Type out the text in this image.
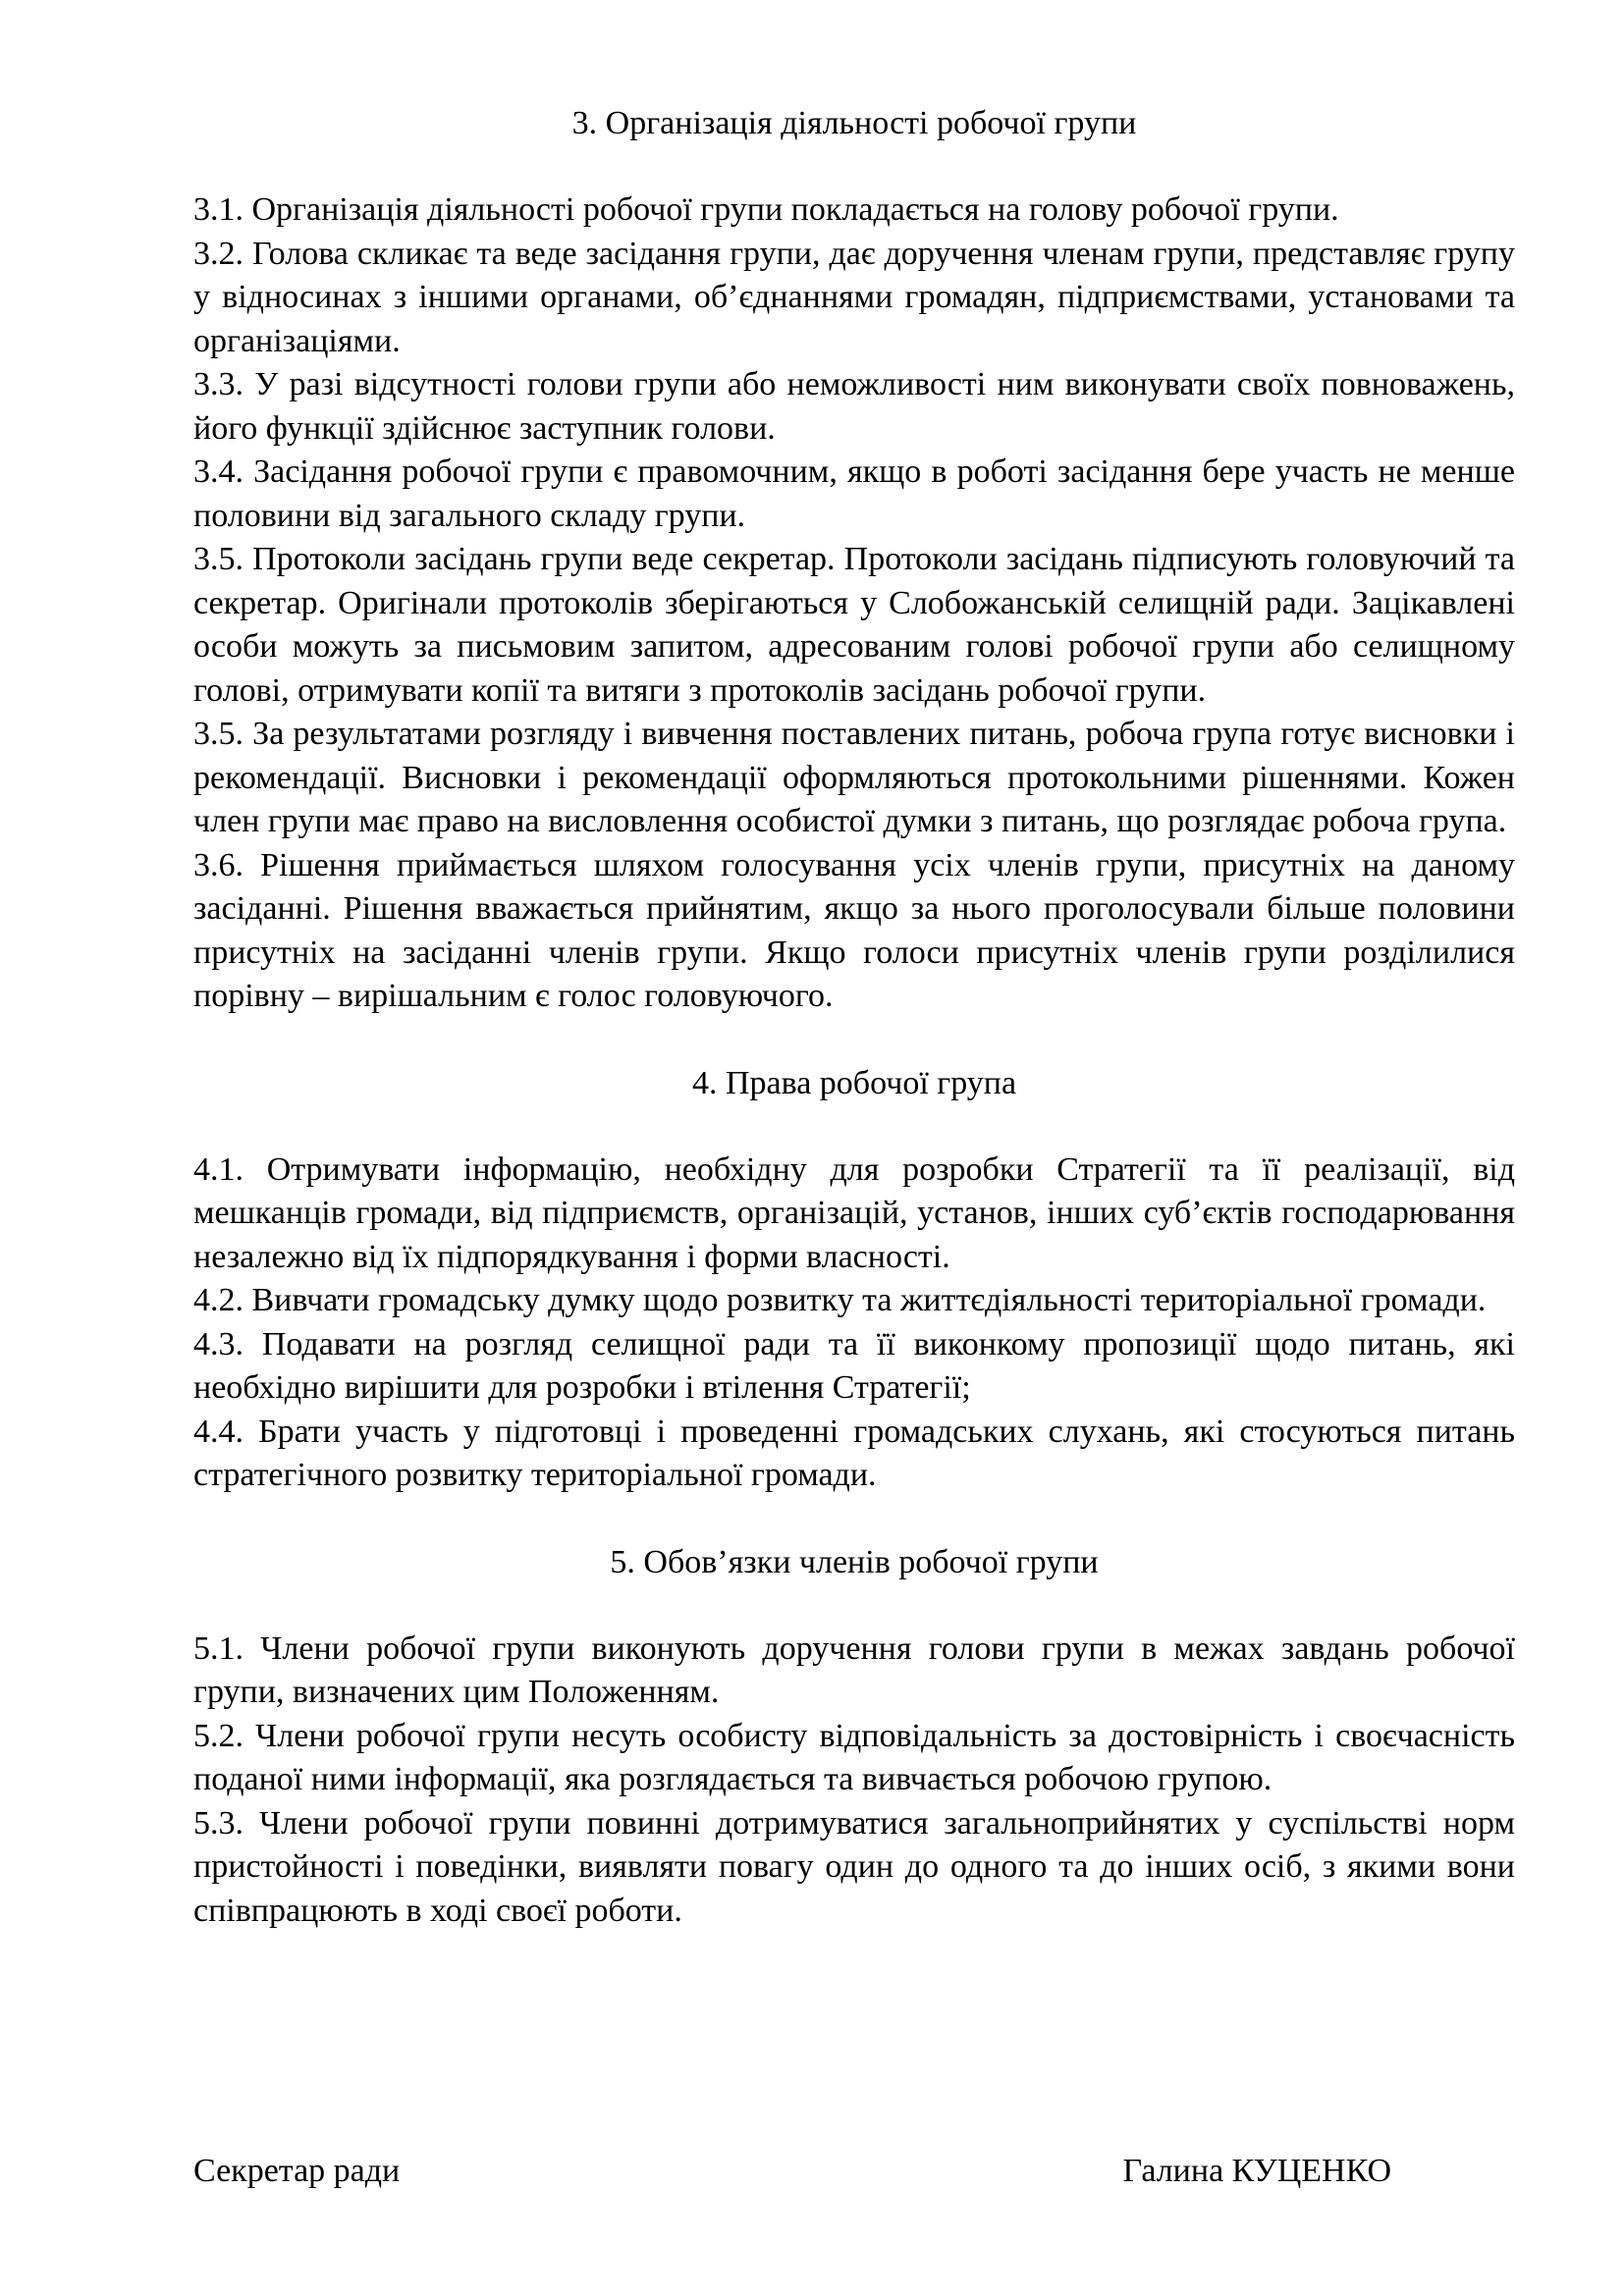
3. Організація діяльності робочої групи

3.1. Організація діяльності робочої групи покладається на голову робочої групи.

3.2. Голова скликає та веде засідання групи, дає доручення членам групи, представляє групу у відносинах з іншими органами, об’єднаннями громадян, підприємствами, установами та організаціями.

3.3. У разі відсутності голови групи або неможливості ним виконувати своїх повноважень, його функції здійснює заступник голови.

3.4. Засідання робочої групи є правомочним, якщо в роботі засідання бере участь не менше половини від загального складу групи.

3.5. Протоколи засідань групи веде секретар. Протоколи засідань підписують головуючий та секретар. Оригінали протоколів зберігаються у Слобожанській селищній ради. Зацікавлені особи можуть за письмовим запитом, адресованим голові робочої групи або селищному голові, отримувати копії та витяги з протоколів засідань робочої групи.

3.5. За результатами розгляду і вивчення поставлених питань, робоча група готує висновки і рекомендації. Висновки і рекомендації оформляються протокольними рішеннями. Кожен член групи має право на висловлення особистої думки з питань, що розглядає робоча група.

3.6. Рішення приймається шляхом голосування усіх членів групи, присутніх на даному засіданні. Рішення вважається прийнятим, якщо за нього проголосували більше половини присутніх на засіданні членів групи. Якщо голоси присутніх членів групи розділилися порівну – вирішальним є голос головуючого.

4. Права робочої група

4.1. Отримувати інформацію, необхідну для розробки Стратегії та її реалізації, від мешканців громади, від підприємств, організацій, установ, інших суб’єктів господарювання незалежно від їх підпорядкування і форми власності.

4.2. Вивчати громадську думку щодо розвитку та життєдіяльності територіальної громади.

4.3. Подавати на розгляд селищної ради та її виконкому пропозиції щодо питань, які необхідно вирішити для розробки і втілення Стратегії;

4.4. Брати участь у підготовці і проведенні громадських слухань, які стосуються питань стратегічного розвитку територіальної громади.

5. Обов’язки членів робочої групи

5.1. Члени робочої групи виконують доручення голови групи в межах завдань робочої групи, визначених цим Положенням.

5.2. Члени робочої групи несуть особисту відповідальність за достовірність і своєчасність поданої ними інформації, яка розглядається та вивчається робочою групою.

5.3. Члени робочої групи повинні дотримуватися загальноприйнятих у суспільстві норм пристойності і поведінки, виявляти повагу один до одного та до інших осіб, з якими вони співпрацюють в ході своєї роботи.

Секретар ради	Галина КУЦЕНКО
